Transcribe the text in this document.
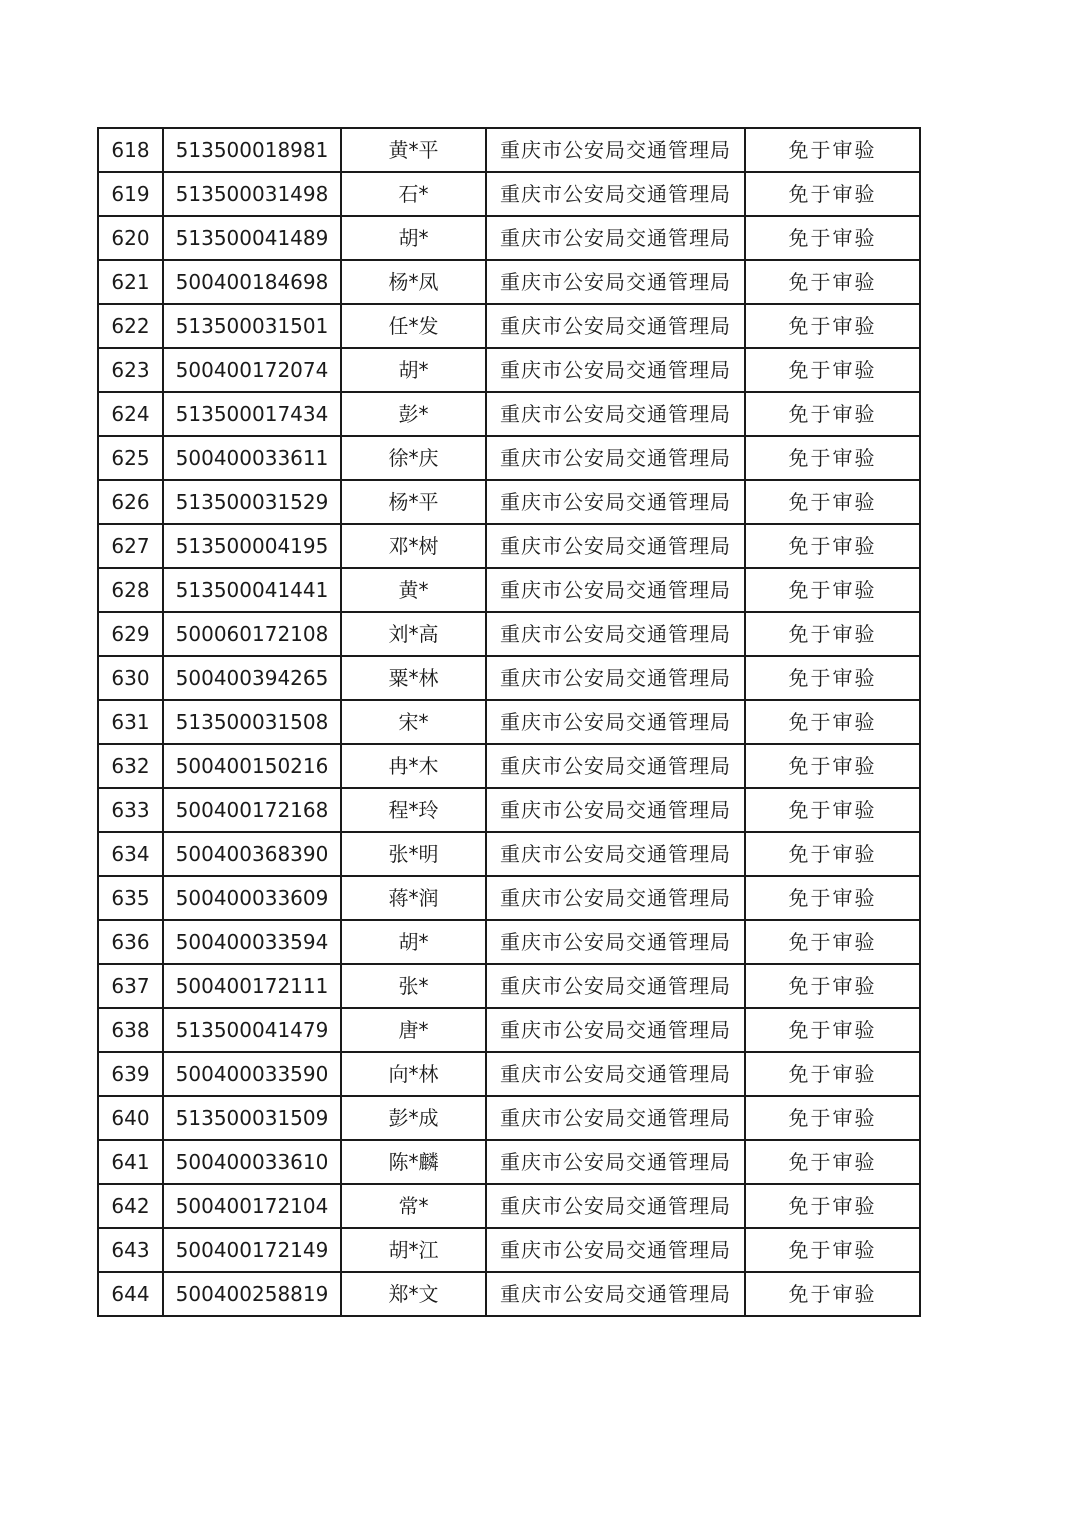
618	513500018981	黄*平	重庆市公安局交通管理局	免于审验
619	513500031498	石*	重庆市公安局交通管理局	免于审验
620	513500041489	胡*	重庆市公安局交通管理局	免于审验
621	500400184698	杨*凤	重庆市公安局交通管理局	免于审验
622	513500031501	任*发	重庆市公安局交通管理局	免于审验
623	500400172074	胡*	重庆市公安局交通管理局	免于审验
624	513500017434	彭*	重庆市公安局交通管理局	免于审验
625	500400033611	徐*庆	重庆市公安局交通管理局	免于审验
626	513500031529	杨*平	重庆市公安局交通管理局	免于审验
627	513500004195	邓*树	重庆市公安局交通管理局	免于审验
628	513500041441	黄*	重庆市公安局交通管理局	免于审验
629	500060172108	刘*高	重庆市公安局交通管理局	免于审验
630	500400394265	粟*林	重庆市公安局交通管理局	免于审验
631	513500031508	宋*	重庆市公安局交通管理局	免于审验
632	500400150216	冉*木	重庆市公安局交通管理局	免于审验
633	500400172168	程*玲	重庆市公安局交通管理局	免于审验
634	500400368390	张*明	重庆市公安局交通管理局	免于审验
635	500400033609	蒋*润	重庆市公安局交通管理局	免于审验
636	500400033594	胡*	重庆市公安局交通管理局	免于审验
637	500400172111	张*	重庆市公安局交通管理局	免于审验
638	513500041479	唐*	重庆市公安局交通管理局	免于审验
639	500400033590	向*林	重庆市公安局交通管理局	免于审验
640	513500031509	彭*成	重庆市公安局交通管理局	免于审验
641	500400033610	陈*麟	重庆市公安局交通管理局	免于审验
642	500400172104	常*	重庆市公安局交通管理局	免于审验
643	500400172149	胡*江	重庆市公安局交通管理局	免于审验
644	500400258819	郑*文	重庆市公安局交通管理局	免于审验
